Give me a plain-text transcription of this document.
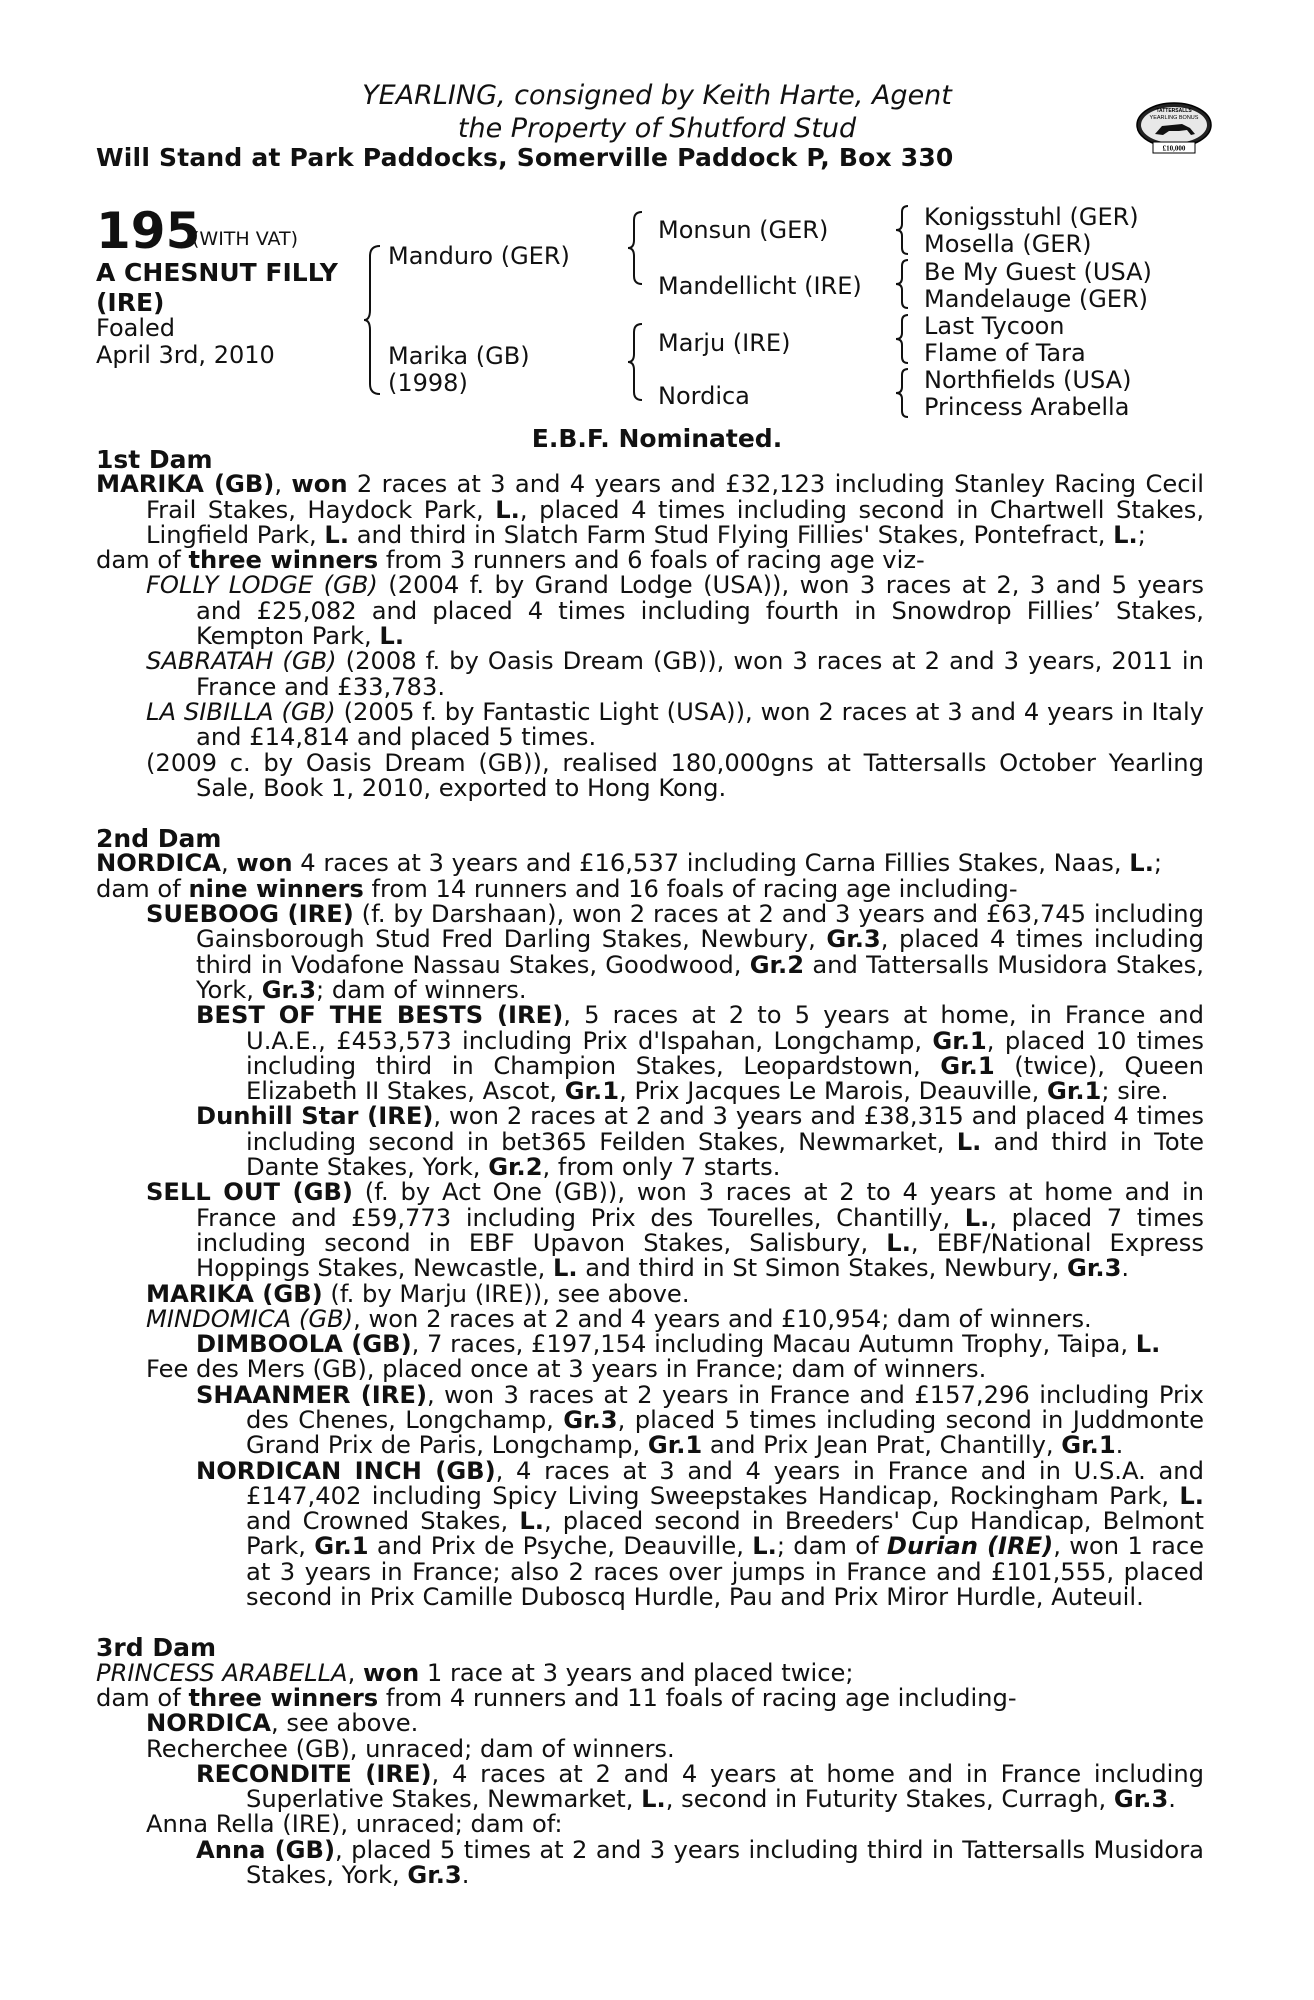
YEARLING, consigned by Keith Harte, Agent
the Property of Shutford Stud
Will Stand at Park Paddocks, Somerville Paddock P, Box 330
TATTERSALLS
YEARLING BONUS
£10,000
195
(WITH VAT)
A CHESNUT FILLY (IRE)
Foaled
April 3rd, 2010
Manduro (GER)
Marika (GB)
(1998)
Monsun (GER)
Mandellicht (IRE)
Marju (IRE)
Nordica
Konigsstuhl (GER)
Mosella (GER)
Be My Guest (USA)
Mandelauge (GER)
Last Tycoon
Flame of Tara
Northfields (USA)
Princess Arabella
E.B.F. Nominated.
1st Dam

MARIKA (GB), won 2 races at 3 and 4 years and £32,123 including Stanley Racing Cecil Frail Stakes, Haydock Park, L., placed 4 times including second in Chartwell Stakes, Lingfield Park, L. and third in Slatch Farm Stud Flying Fillies' Stakes, Pontefract, L.;

dam of three winners from 3 runners and 6 foals of racing age viz-

FOLLY LODGE (GB) (2004 f. by Grand Lodge (USA)), won 3 races at 2, 3 and 5 years and £25,082 and placed 4 times including fourth in Snowdrop Fillies’ Stakes, Kempton Park, L.

SABRATAH (GB) (2008 f. by Oasis Dream (GB)), won 3 races at 2 and 3 years, 2011 in France and £33,783.

LA SIBILLA (GB) (2005 f. by Fantastic Light (USA)), won 2 races at 3 and 4 years in Italy and £14,814 and placed 5 times.

(2009 c. by Oasis Dream (GB)), realised 180,000gns at Tattersalls October Yearling Sale, Book 1, 2010, exported to Hong Kong.

2nd Dam

NORDICA, won 4 races at 3 years and £16,537 including Carna Fillies Stakes, Naas, L.;

dam of nine winners from 14 runners and 16 foals of racing age including-

SUEBOOG (IRE) (f. by Darshaan), won 2 races at 2 and 3 years and £63,745 including Gainsborough Stud Fred Darling Stakes, Newbury, Gr.3, placed 4 times including third in Vodafone Nassau Stakes, Goodwood, Gr.2 and Tattersalls Musidora Stakes, York, Gr.3; dam of winners.

BEST OF THE BESTS (IRE), 5 races at 2 to 5 years at home, in France and U.A.E., £453,573 including Prix d'Ispahan, Longchamp, Gr.1, placed 10 times including third in Champion Stakes, Leopardstown, Gr.1 (twice), Queen Elizabeth II Stakes, Ascot, Gr.1, Prix Jacques Le Marois, Deauville, Gr.1; sire.

Dunhill Star (IRE), won 2 races at 2 and 3 years and £38,315 and placed 4 times including second in bet365 Feilden Stakes, Newmarket, L. and third in Tote Dante Stakes, York, Gr.2, from only 7 starts.

SELL OUT (GB) (f. by Act One (GB)), won 3 races at 2 to 4 years at home and in France and £59,773 including Prix des Tourelles, Chantilly, L., placed 7 times including second in EBF Upavon Stakes, Salisbury, L., EBF/National Express Hoppings Stakes, Newcastle, L. and third in St Simon Stakes, Newbury, Gr.3.

MARIKA (GB) (f. by Marju (IRE)), see above.

MINDOMICA (GB), won 2 races at 2 and 4 years and £10,954; dam of winners.

DIMBOOLA (GB), 7 races, £197,154 including Macau Autumn Trophy, Taipa, L.

Fee des Mers (GB), placed once at 3 years in France; dam of winners.

SHAANMER (IRE), won 3 races at 2 years in France and £157,296 including Prix des Chenes, Longchamp, Gr.3, placed 5 times including second in Juddmonte Grand Prix de Paris, Longchamp, Gr.1 and Prix Jean Prat, Chantilly, Gr.1.

NORDICAN INCH (GB), 4 races at 3 and 4 years in France and in U.S.A. and £147,402 including Spicy Living Sweepstakes Handicap, Rockingham Park, L. and Crowned Stakes, L., placed second in Breeders' Cup Handicap, Belmont Park, Gr.1 and Prix de Psyche, Deauville, L.; dam of Durian (IRE), won 1 race at 3 years in France; also 2 races over jumps in France and £101,555, placed second in Prix Camille Duboscq Hurdle, Pau and Prix Miror Hurdle, Auteuil.

3rd Dam

PRINCESS ARABELLA, won 1 race at 3 years and placed twice;

dam of three winners from 4 runners and 11 foals of racing age including-

NORDICA, see above.

Recherchee (GB), unraced; dam of winners.

RECONDITE (IRE), 4 races at 2 and 4 years at home and in France including Superlative Stakes, Newmarket, L., second in Futurity Stakes, Curragh, Gr.3.

Anna Rella (IRE), unraced; dam of:

Anna (GB), placed 5 times at 2 and 3 years including third in Tattersalls Musidora Stakes, York, Gr.3.
